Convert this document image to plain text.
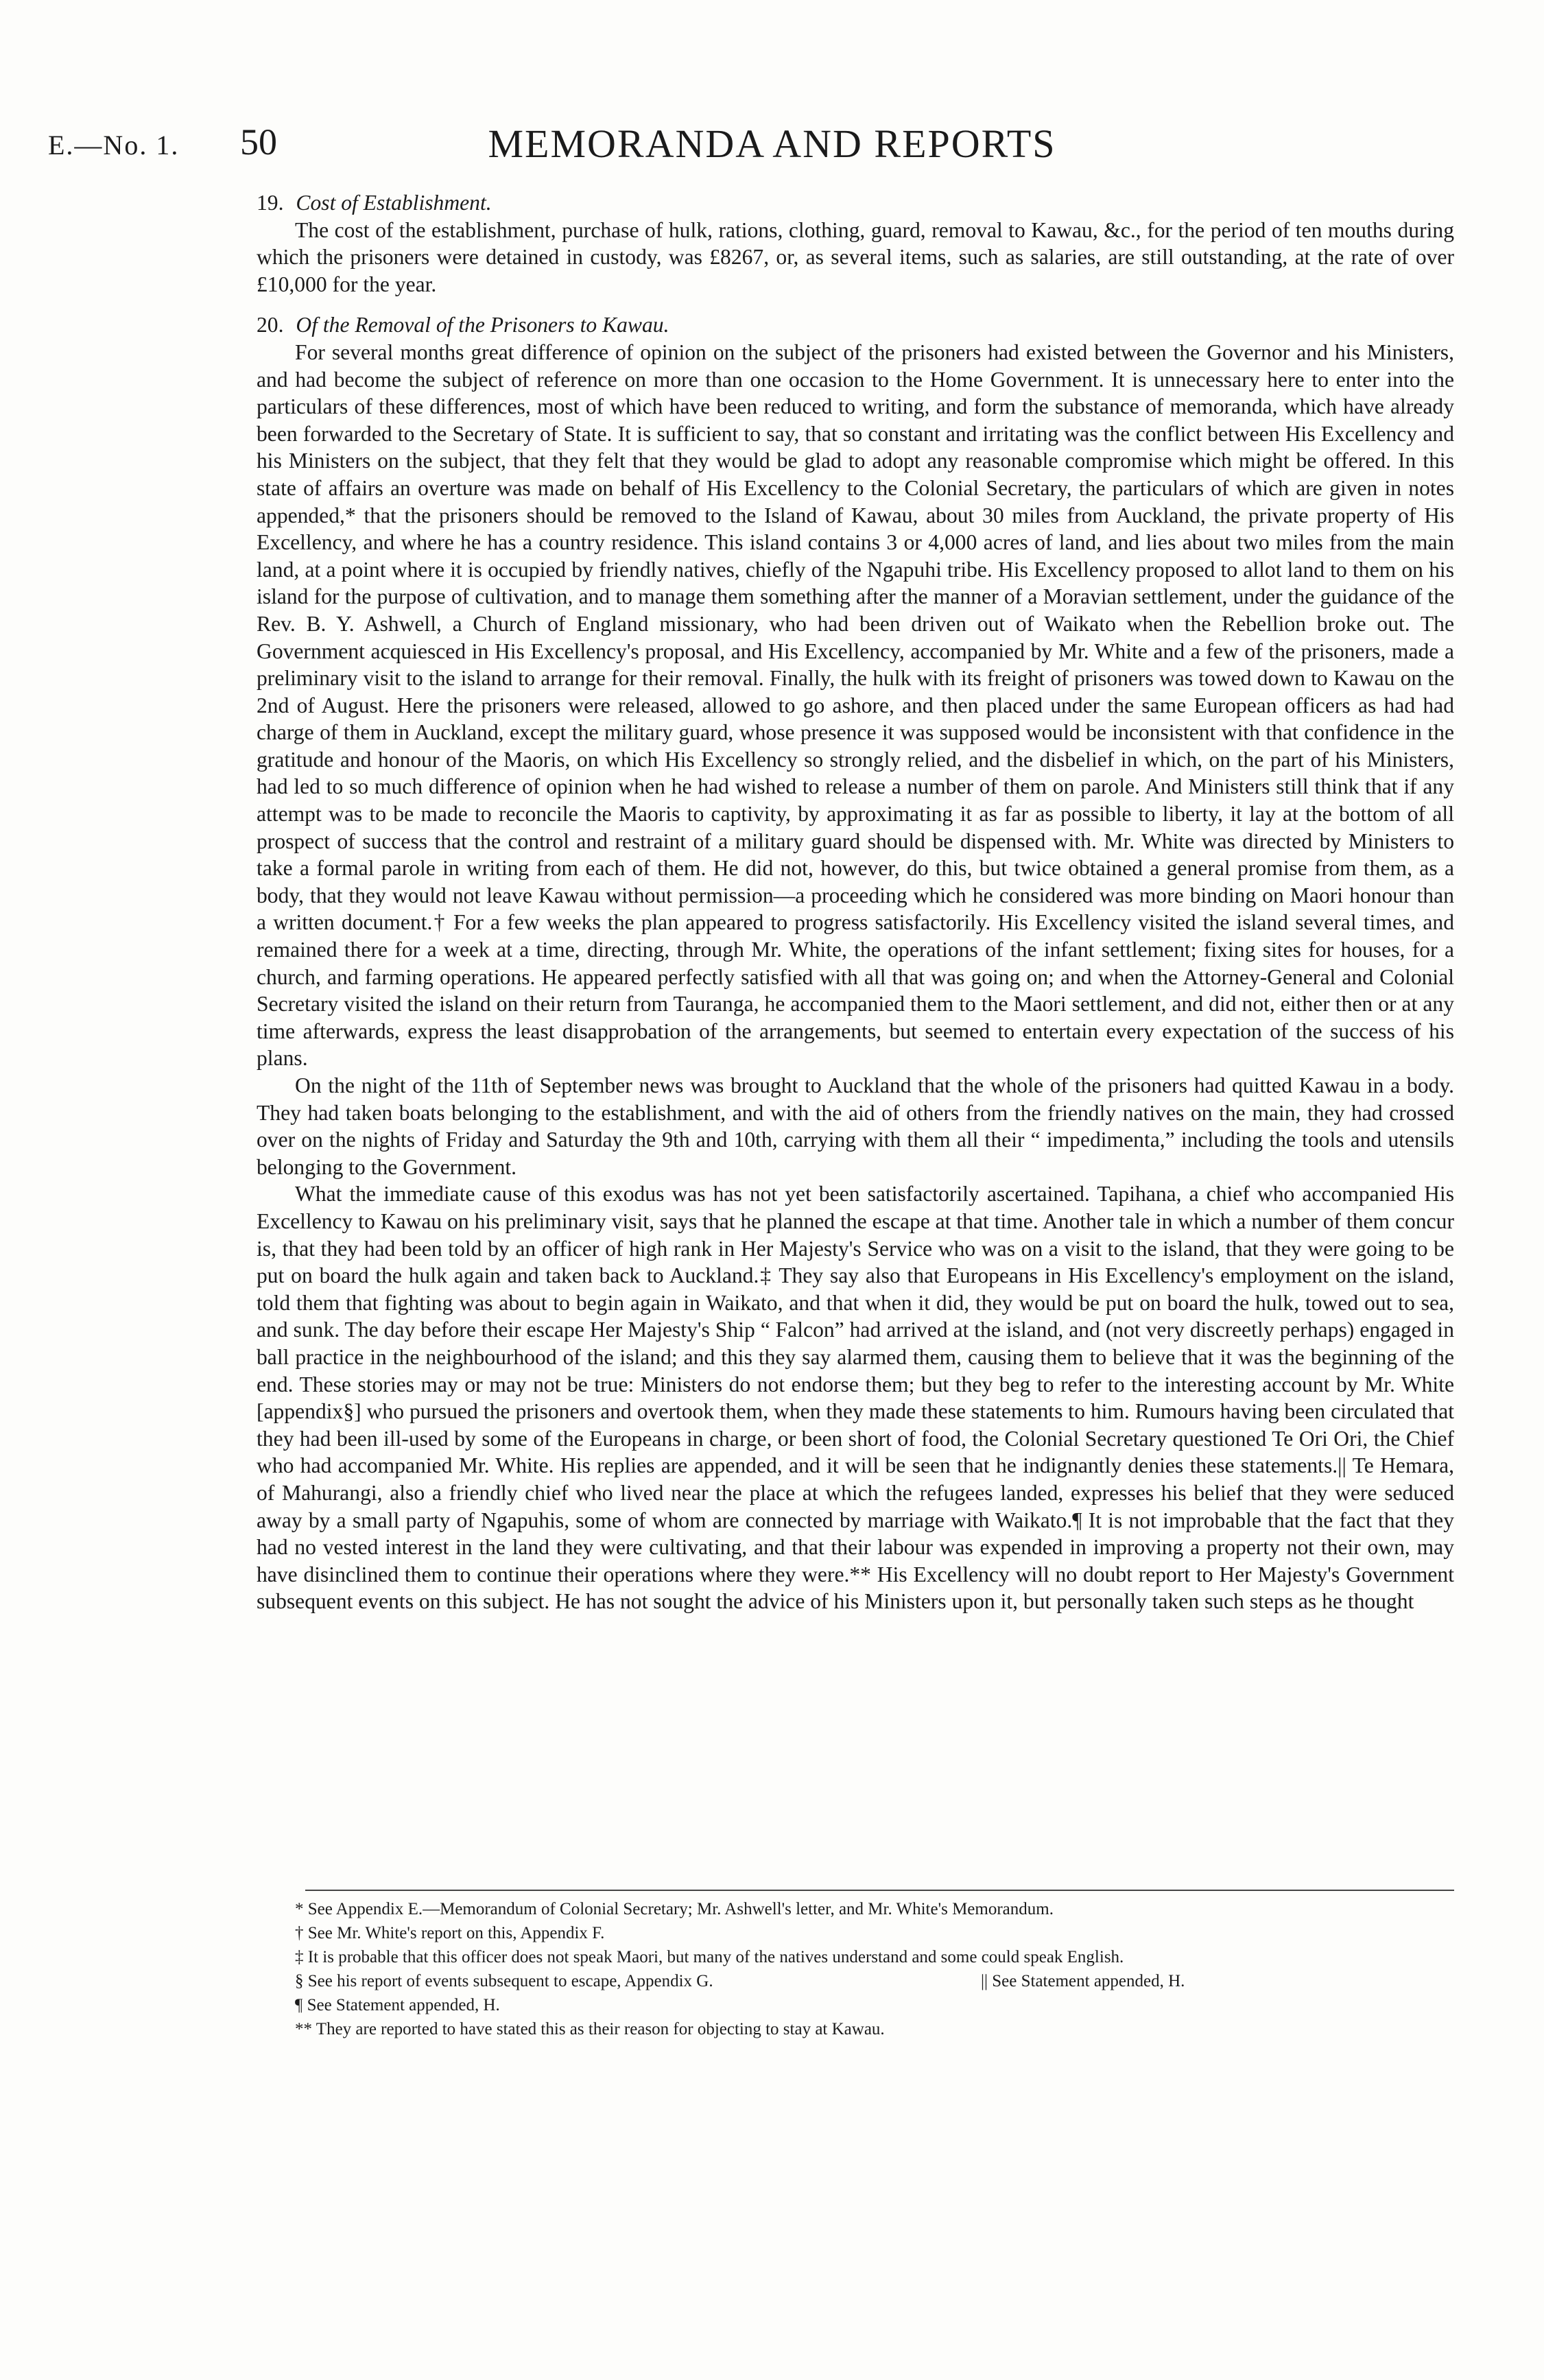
E.—No. 1. 50	MEMORANDA AND REPORTS

19. Cost of Establishment.

The cost of the establishment, purchase of hulk, rations, clothing, guard, removal to Kawau, &c., for the period of ten mouths during which the prisoners were detained in custody, was £8267, or, as several items, such as salaries, are still outstanding, at the rate of over £10,000 for the year.

20. Of the Removal of the Prisoners to Kawau.

For several months great difference of opinion on the subject of the prisoners had existed between the Governor and his Ministers, and had become the subject of reference on more than one occasion to the Home Government. It is unnecessary here to enter into the particulars of these differences, most of which have been reduced to writing, and form the substance of memoranda, which have already been forwarded to the Secretary of State. It is sufficient to say, that so constant and irritating was the conflict between His Excellency and his Ministers on the subject, that they felt that they would be glad to adopt any reasonable compromise which might be offered. In this state of affairs an overture was made on behalf of His Excellency to the Colonial Secretary, the particulars of which are given in notes appended,* that the prisoners should be removed to the Island of Kawau, about 30 miles from Auckland, the private property of His Excellency, and where he has a country residence. This island contains 3 or 4,000 acres of land, and lies about two miles from the main land, at a point where it is occupied by friendly natives, chiefly of the Ngapuhi tribe. His Excellency proposed to allot land to them on his island for the purpose of cultivation, and to manage them something after the manner of a Moravian settlement, under the guidance of the Rev. B. Y. Ashwell, a Church of England missionary, who had been driven out of Waikato when the Rebellion broke out. The Government acquiesced in His Excellency's proposal, and His Excellency, accompanied by Mr. White and a few of the prisoners, made a preliminary visit to the island to arrange for their removal. Finally, the hulk with its freight of prisoners was towed down to Kawau on the 2nd of August. Here the prisoners were released, allowed to go ashore, and then placed under the same European officers as had had charge of them in Auckland, except the military guard, whose presence it was supposed would be inconsistent with that confidence in the gratitude and honour of the Maoris, on which His Excellency so strongly relied, and the disbelief in which, on the part of his Ministers, had led to so much difference of opinion when he had wished to release a number of them on parole. And Ministers still think that if any attempt was to be made to reconcile the Maoris to captivity, by approximating it as far as possible to liberty, it lay at the bottom of all prospect of success that the control and restraint of a military guard should be dispensed with. Mr. White was directed by Ministers to take a formal parole in writing from each of them. He did not, however, do this, but twice obtained a general promise from them, as a body, that they would not leave Kawau without permission—a proceeding which he considered was more binding on Maori honour than a written document.† For a few weeks the plan appeared to progress satisfactorily. His Excellency visited the island several times, and remained there for a week at a time, directing, through Mr. White, the operations of the infant settlement; fixing sites for houses, for a church, and farming operations. He appeared perfectly satisfied with all that was going on; and when the Attorney-General and Colonial Secretary visited the island on their return from Tauranga, he accompanied them to the Maori settlement, and did not, either then or at any time afterwards, express the least disapprobation of the arrangements, but seemed to entertain every expectation of the success of his plans.

On the night of the 11th of September news was brought to Auckland that the whole of the prisoners had quitted Kawau in a body. They had taken boats belonging to the establishment, and with the aid of others from the friendly natives on the main, they had crossed over on the nights of Friday and Saturday the 9th and 10th, carrying with them all their “ impedimenta,” including the tools and utensils belonging to the Government.

What the immediate cause of this exodus was has not yet been satisfactorily ascertained. Tapihana, a chief who accompanied His Excellency to Kawau on his preliminary visit, says that he planned the escape at that time. Another tale in which a number of them concur is, that they had been told by an officer of high rank in Her Majesty's Service who was on a visit to the island, that they were going to be put on board the hulk again and taken back to Auckland.‡ They say also that Europeans in His Excellency's employment on the island, told them that fighting was about to begin again in Waikato, and that when it did, they would be put on board the hulk, towed out to sea, and sunk. The day before their escape Her Majesty's Ship “ Falcon” had arrived at the island, and (not very discreetly perhaps) engaged in ball practice in the neighbourhood of the island; and this they say alarmed them, causing them to believe that it was the beginning of the end. These stories may or may not be true: Ministers do not endorse them; but they beg to refer to the interesting account by Mr. White [appendix§] who pursued the prisoners and overtook them, when they made these statements to him. Rumours having been circulated that they had been ill-used by some of the Europeans in charge, or been short of food, the Colonial Secretary questioned Te Ori Ori, the Chief who had accompanied Mr. White. His replies are appended, and it will be seen that he indignantly denies these statements.|| Te Hemara, of Mahurangi, also a friendly chief who lived near the place at which the refugees landed, expresses his belief that they were seduced away by a small party of Ngapuhis, some of whom are connected by marriage with Waikato.¶ It is not improbable that the fact that they had no vested interest in the land they were cultivating, and that their labour was expended in improving a property not their own, may have disinclined them to continue their operations where they were.** His Excellency will no doubt report to Her Majesty's Government subsequent events on this subject. He has not sought the advice of his Ministers upon it, but personally taken such steps as he thought

* See Appendix E.—Memorandum of Colonial Secretary; Mr. Ashwell's letter, and Mr. White's Memorandum.

† See Mr. White's report on this, Appendix F.

‡ It is probable that this officer does not speak Maori, but many of the natives understand and some could speak English.

§ See his report of events subsequent to escape, Appendix G.	|| See Statement appended, H.

¶ See Statement appended, H.

** They are reported to have stated this as their reason for objecting to stay at Kawau.
